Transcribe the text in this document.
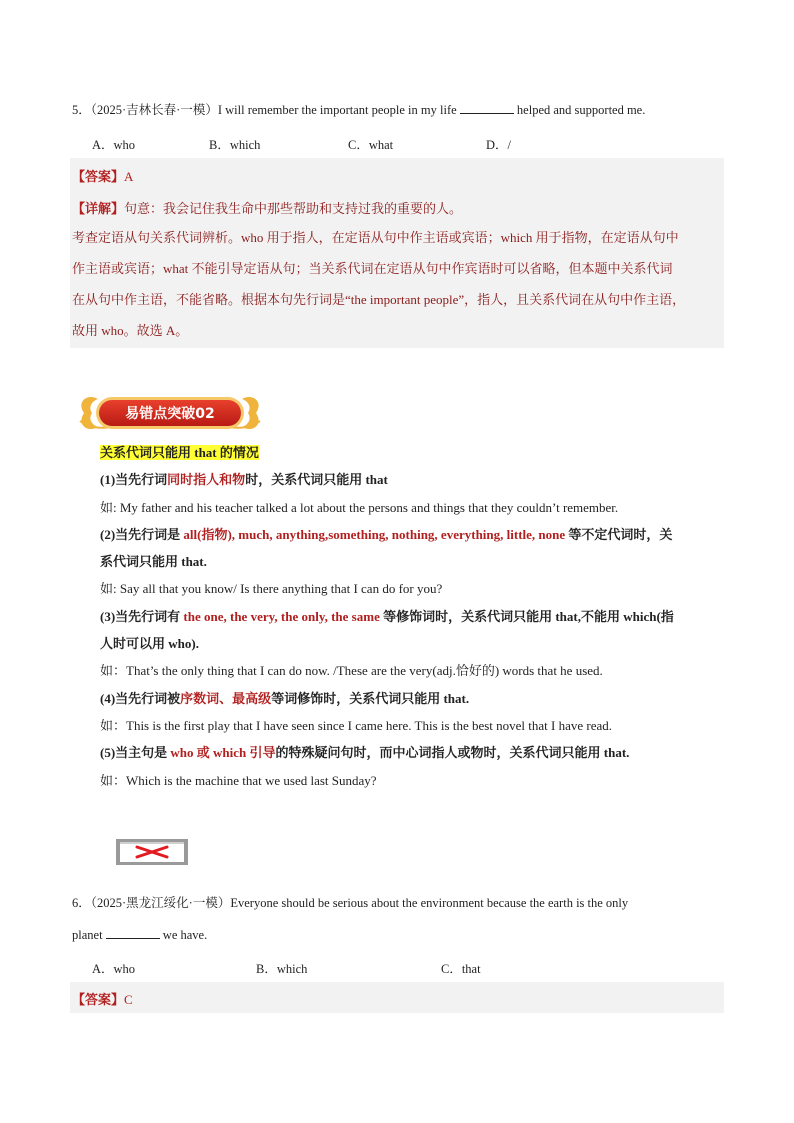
5．（2025·吉林长春·一模）I will remember the important people in my life	helped and supported me.
A．who	B．which	C．what	D．/
【答案】A
【详解】句意：我会记住我生命中那些帮助和支持过我的重要的人。
考查定语从句关系代词辨析。who 用于指人，在定语从句中作主语或宾语；which 用于指物，在定语从句中
作主语或宾语；what 不能引导定语从句；当关系代词在定语从句中作宾语时可以省略，但本题中关系代词
在从句中作主语，不能省略。根据本句先行词是“the important people”，指人，且关系代词在从句中作主语，
故用 who。故选 A。
易错点突破02
关系代词只能用 that 的情况
(1)当先行词同时指人和物时，关系代词只能用 that
如: My father and his teacher talked a lot about the persons and things that they couldn’t remember.
(2)当先行词是 all(指物), much, anything,something, nothing, everything, little, none 等不定代词时，关
系代词只能用 that.
如: Say all that you know/ Is there anything that I can do for you?
(3)当先行词有 the one, the very, the only, the same 等修饰词时，关系代词只能用 that,不能用 which(指
人时可以用 who).
如：That’s the only thing that I can do now. /These are the very(adj.恰好的) words that he used.
(4)当先行词被序数词、最高级等词修饰时，关系代词只能用 that.
如：This is the first play that I have seen since I came here. This is the best novel that I have read.
(5)当主句是 who 或 which 引导的特殊疑问句时，而中心词指人或物时，关系代词只能用 that.
如：Which is the machine that we used last Sunday?
6．（2025·黑龙江绥化·一模）Everyone should be serious about the environment because the earth is the only
planet	we have.
A．who	B．which	C．that
【答案】C
